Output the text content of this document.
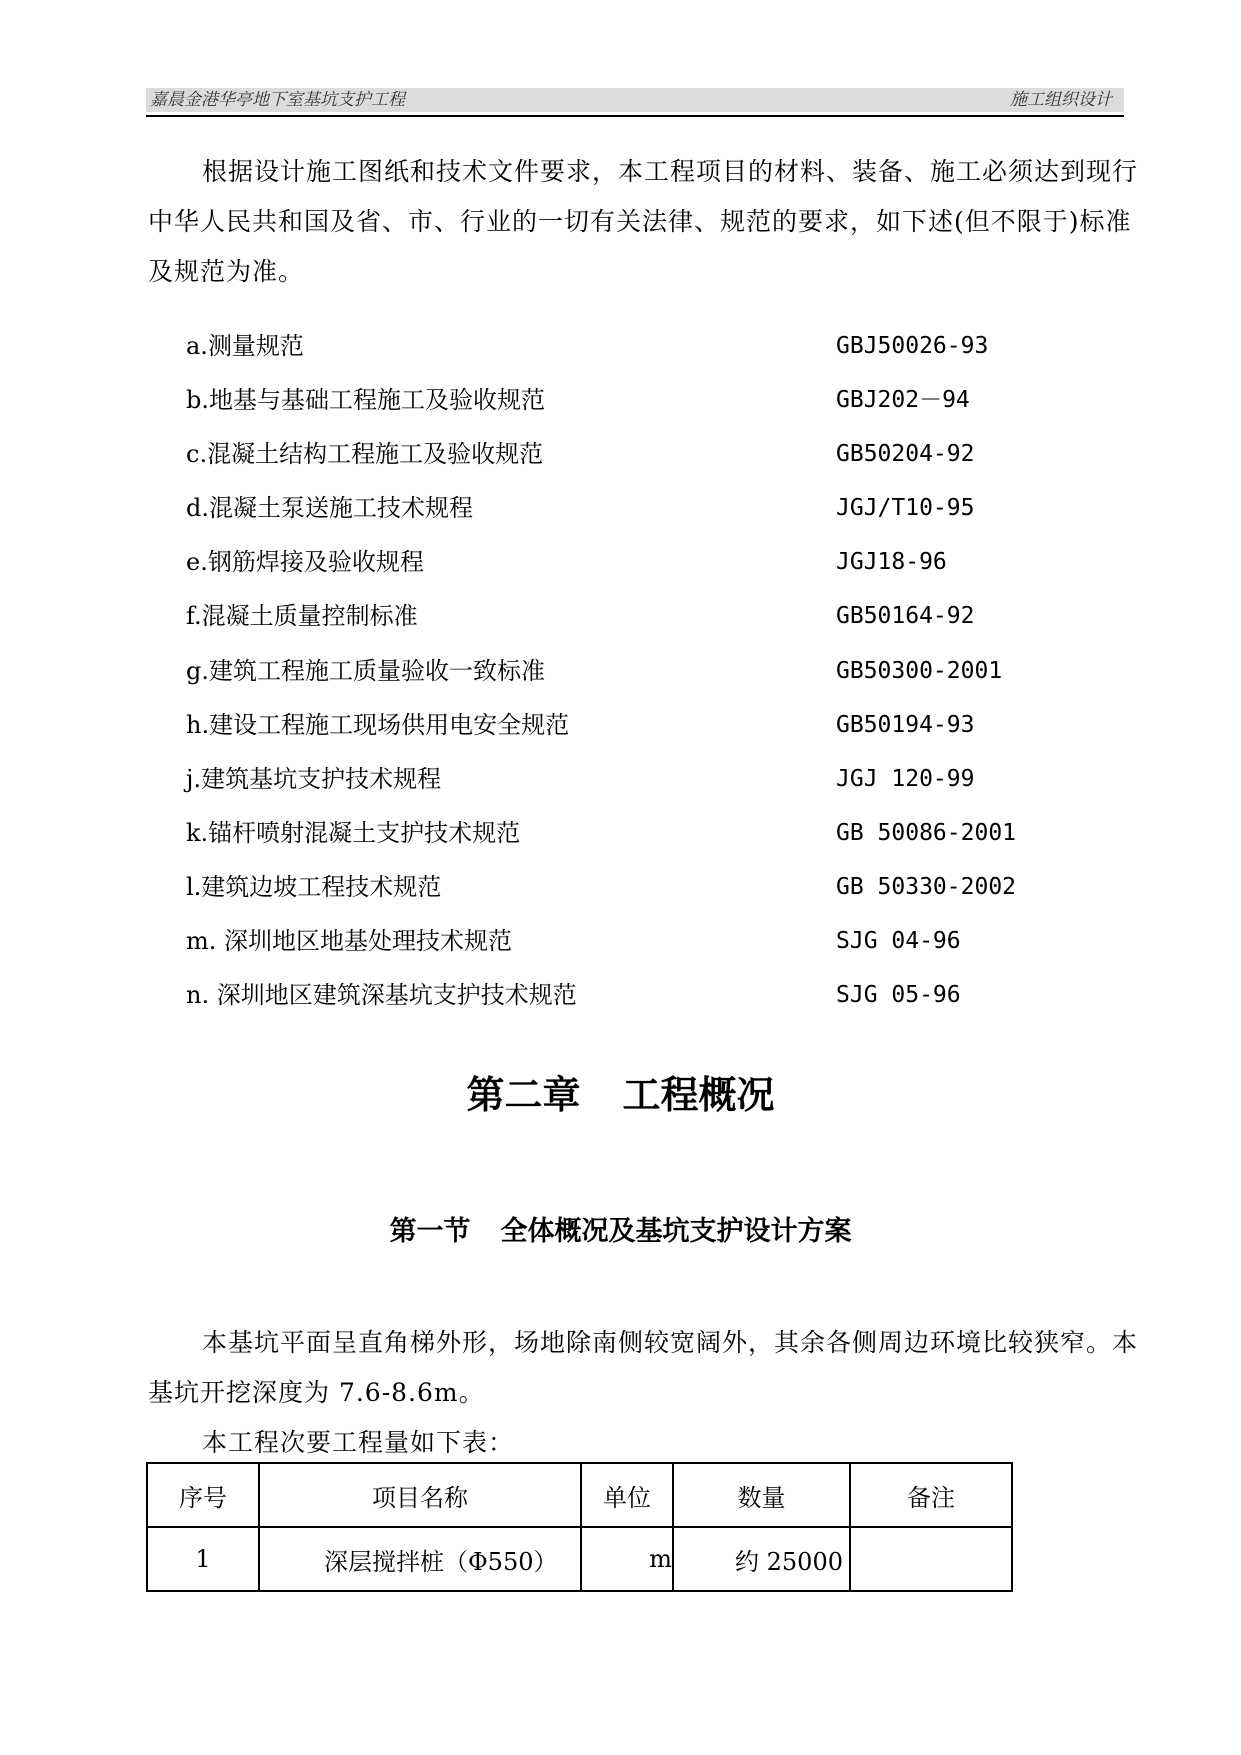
嘉晨金港华亭地下室基坑支护工程	施工组织设计

根据设计施工图纸和技术文件要求，本工程项目的材料、装备、施工必须达到现行中华人民共和国及省、市、行业的一切有关法律、规范的要求，如下述(但不限于)标准及规范为准。

a.测量规范	GBJ50026-93
b.地基与基础工程施工及验收规范	GBJ202－94
c.混凝土结构工程施工及验收规范	GB50204-92
d.混凝土泵送施工技术规程	JGJ/T10-95
e.钢筋焊接及验收规程	JGJ18-96
f.混凝土质量控制标准	GB50164-92
g.建筑工程施工质量验收一致标准	GB50300-2001
h.建设工程施工现场供用电安全规范	GB50194-93
j.建筑基坑支护技术规程	JGJ 120-99
k.锚杆喷射混凝土支护技术规范	GB 50086-2001
l.建筑边坡工程技术规范	GB 50330-2002
m. 深圳地区地基处理技术规范	SJG 04-96
n. 深圳地区建筑深基坑支护技术规范	SJG 05-96
第二章 工程概况
第一节 全体概况及基坑支护设计方案

本基坑平面呈直角梯外形，场地除南侧较宽阔外，其余各侧周边环境比较狭窄。本基坑开挖深度为 7.6-8.6m。

本工程次要工程量如下表：

序号	项目名称	单位	数量	备注
1	深层搅拌桩（Φ550）	m	约 25000	
